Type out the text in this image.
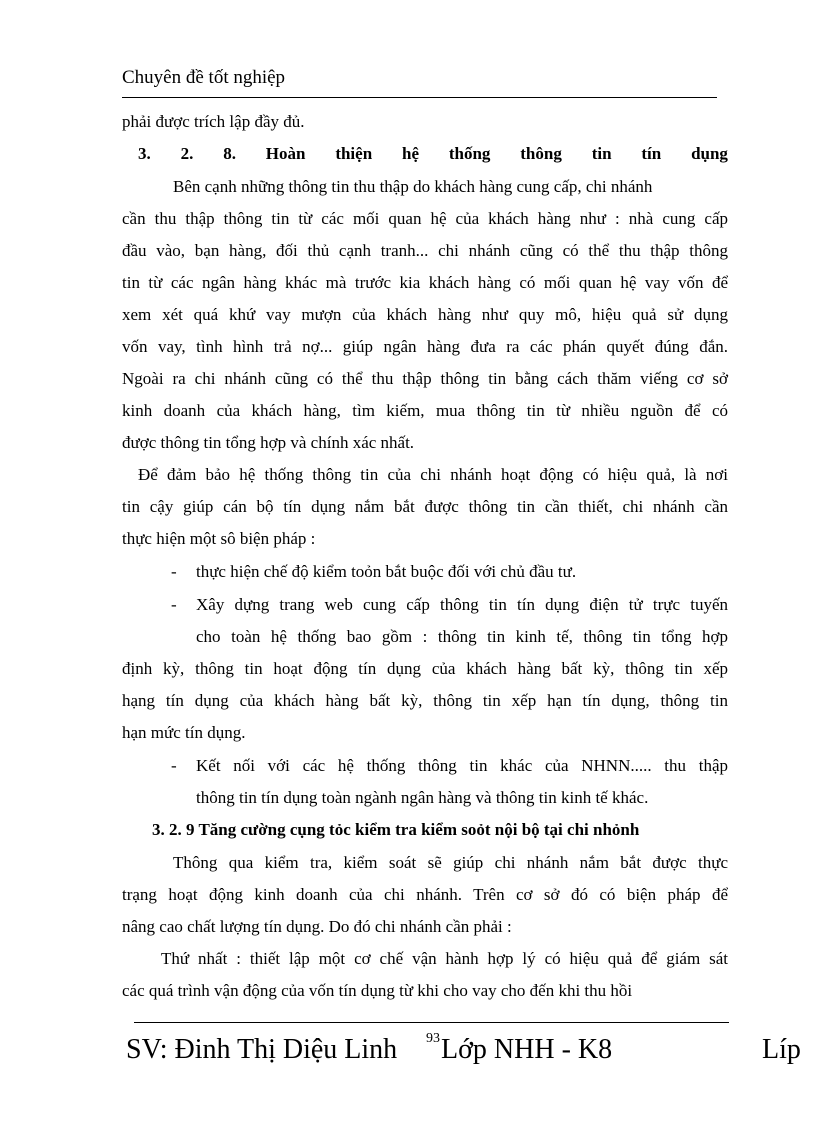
Chuyên đề tốt nghiệp
phải được trích lập đầy đủ.
3. 2. 8. Hoàn thiện hệ thống thông tin tín dụng
Bên cạnh những thông tin thu thập do khách hàng cung cấp, chi nhánh
cần thu thập thông tin từ các mối quan hệ của khách hàng như : nhà cung cấp
đầu vào, bạn hàng, đối thủ cạnh tranh... chi nhánh cũng có thể thu thập thông
tin từ các ngân hàng khác mà trước kia khách hàng có mối quan hệ vay vốn để
xem xét quá khứ vay mượn của khách hàng như quy mô, hiệu quả sử dụng
vốn vay, tình hình trả nợ... giúp ngân hàng đưa ra các phán quyết đúng đắn.
Ngoài ra chi nhánh cũng có thể thu thập thông tin bằng cách thăm viếng cơ sở
kinh doanh của khách hàng, tìm kiếm, mua thông tin từ nhiều nguồn để có
được thông tin tổng hợp và chính xác nhất.
Để đảm bảo hệ thống thông tin của chi nhánh hoạt động có hiệu quả, là nơi
tin cậy giúp cán bộ tín dụng nắm bắt được thông tin cần thiết, chi nhánh cần
thực hiện một sô biện pháp :
- thực hiện chế độ kiểm toỏn bắt buộc đối với chủ đầu tư.
- Xây dựng trang web cung cấp thông tin tín dụng điện tử trực tuyến
cho toàn hệ thống bao gồm : thông tin kinh tế, thông tin tổng hợp
định kỳ, thông tin hoạt động tín dụng của khách hàng bất kỳ, thông tin xếp
hạng tín dụng của khách hàng bất kỳ, thông tin xếp hạn tín dụng, thông tin
hạn mức tín dụng.
- Kết nối với các hệ thống thông tin khác của NHNN..... thu thập
thông tin tín dụng toàn ngành ngân hàng và thông tin kinh tế khác.
3. 2. 9 Tăng cường cụng tỏc kiểm tra kiểm soỏt nội bộ tại chi nhỏnh
Thông qua kiểm tra, kiểm soát sẽ giúp chi nhánh nắm bắt được thực
trạng hoạt động kinh doanh của chi nhánh. Trên cơ sở đó có biện pháp để
nâng cao chất lượng tín dụng. Do đó chi nhánh cần phải :
Thứ nhất : thiết lập một cơ chế vận hành hợp lý có hiệu quả để giám sát
các quá trình vận động của vốn tín dụng từ khi cho vay cho đến khi thu hồi
SV: Đinh Thị Diệu Linh Lớp NHH - K8
93	Líp
